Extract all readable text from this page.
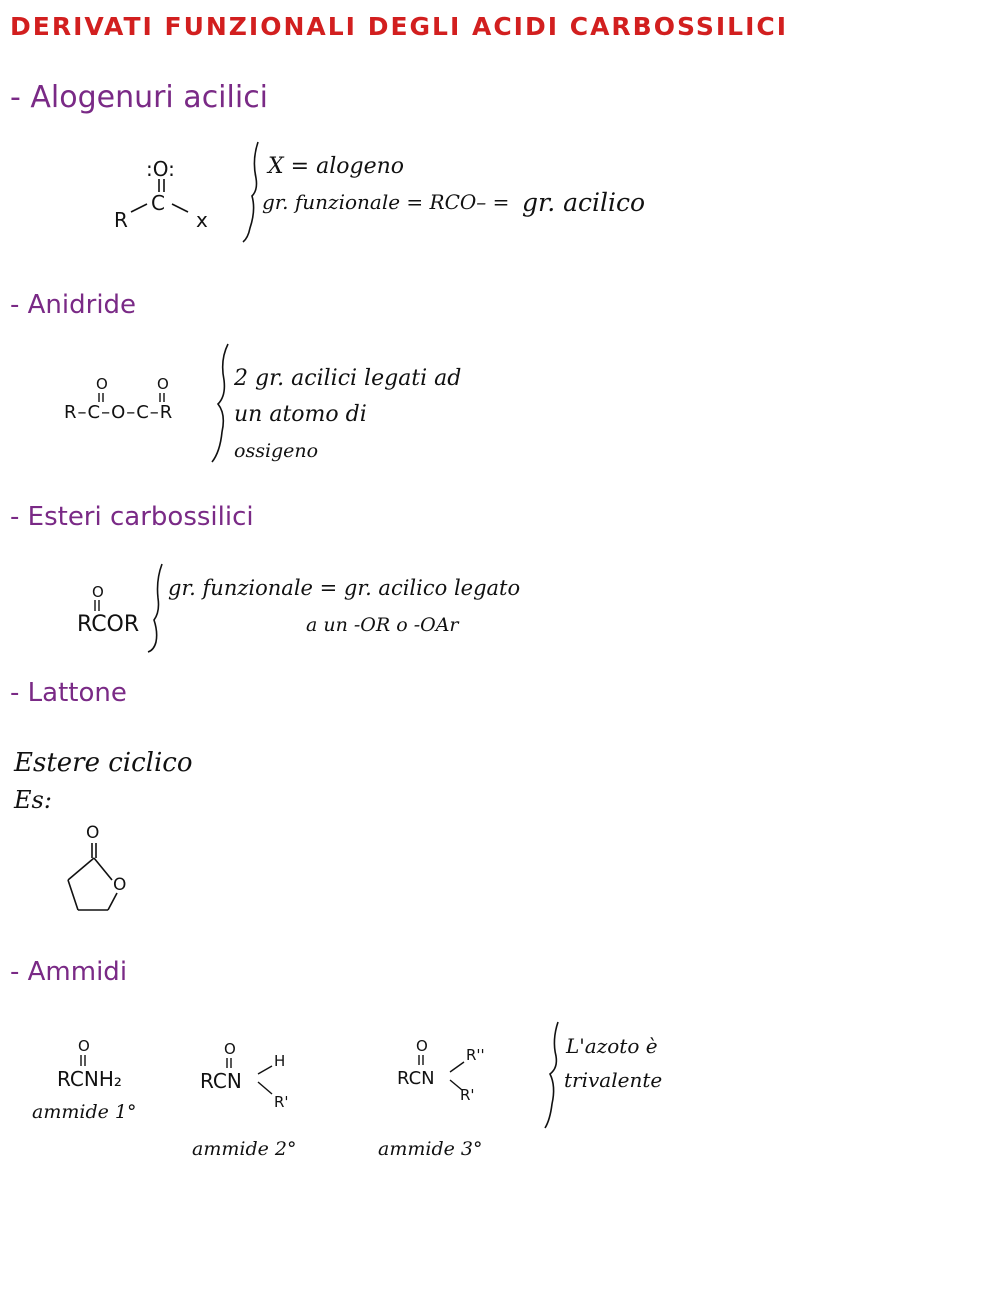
DERIVATI FUNZIONALI DEGLI ACIDI CARBOSSILICI
- Alogenuri acilici
:O:
C
R	x
X = alogeno
gr. funzionale = RCO– = gr. acilico
- Anidride
O	O
R–C–O–C–R
2 gr. acilici legati ad
un atomo di
ossigeno
- Esteri carbossilici
O
RCOR
gr. funzionale = gr. acilico legato
a un -OR o -OAr
- Lattone
Estere ciclico
Es:
O
O
- Ammidi
O
RCNH₂
ammide 1°
O
RCN
H
R'
ammide 2°
O
RCN
R''
R'
ammide 3°
L'azoto è
trivalente
